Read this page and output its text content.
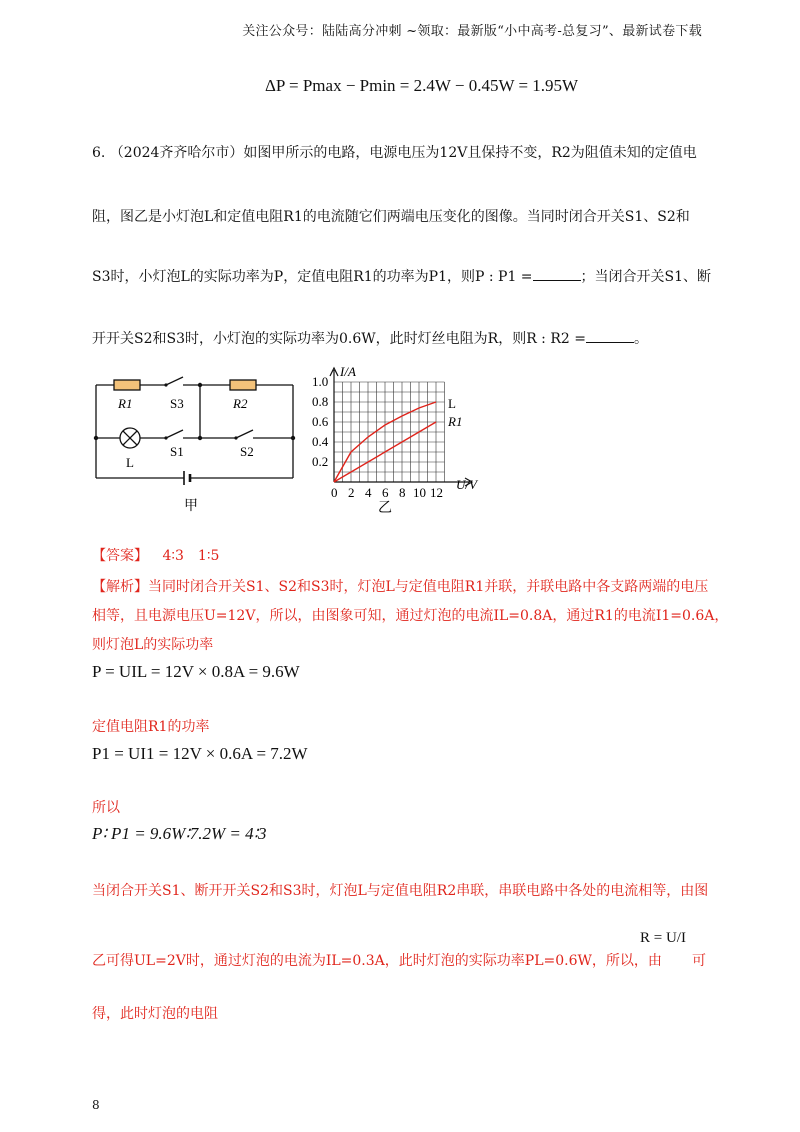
关注公众号：陆陆高分冲刺 ~领取：最新版“小中高考-总复习”、最新试卷下载
ΔP = Pmax − Pmin = 2.4W − 0.45W = 1.95W
6. （2024齐齐哈尔市）如图甲所示的电路，电源电压为12V且保持不变，R2为阻值未知的定值电
阻，图乙是小灯泡L和定值电阻R1的电流随它们两端电压变化的图像。当同时闭合开关S1、S2和
S3时，小灯泡L的实际功率为P，定值电阻R1的功率为P1，则P : P1 =	；当闭合开关S1、断
开开关S2和S3时，小灯泡的实际功率为0.6W，此时灯丝电阻为R，则R : R2 =	。
R1	S3	R2
L
S1	S2
甲
0 2 4 6 8 10 12
0.2
0.4
0.6
0.8
1.0
I/A
U/V
L
R1
乙
【答案】 4∶3　1∶5
【解析】当同时闭合开关S1、S2和S3时，灯泡L与定值电阻R1并联，并联电路中各支路两端的电压
相等，且电源电压U=12V，所以，由图象可知，通过灯泡的电流IL=0.8A，通过R1的电流I1=0.6A，
则灯泡L的实际功率
P = UIL = 12V × 0.8A = 9.6W
定值电阻R1的功率
P1 = UI1 = 12V × 0.6A = 7.2W
所以
P∶ P1 = 9.6W∶7.2W = 4∶3
当闭合开关S1、断开开关S2和S3时，灯泡L与定值电阻R2串联，串联电路中各处的电流相等，由图
乙可得UL=2V时，通过灯泡的电流为IL=0.3A，此时灯泡的实际功率PL=0.6W，所以，由
R = U/I
可
得，此时灯泡的电阻
8
